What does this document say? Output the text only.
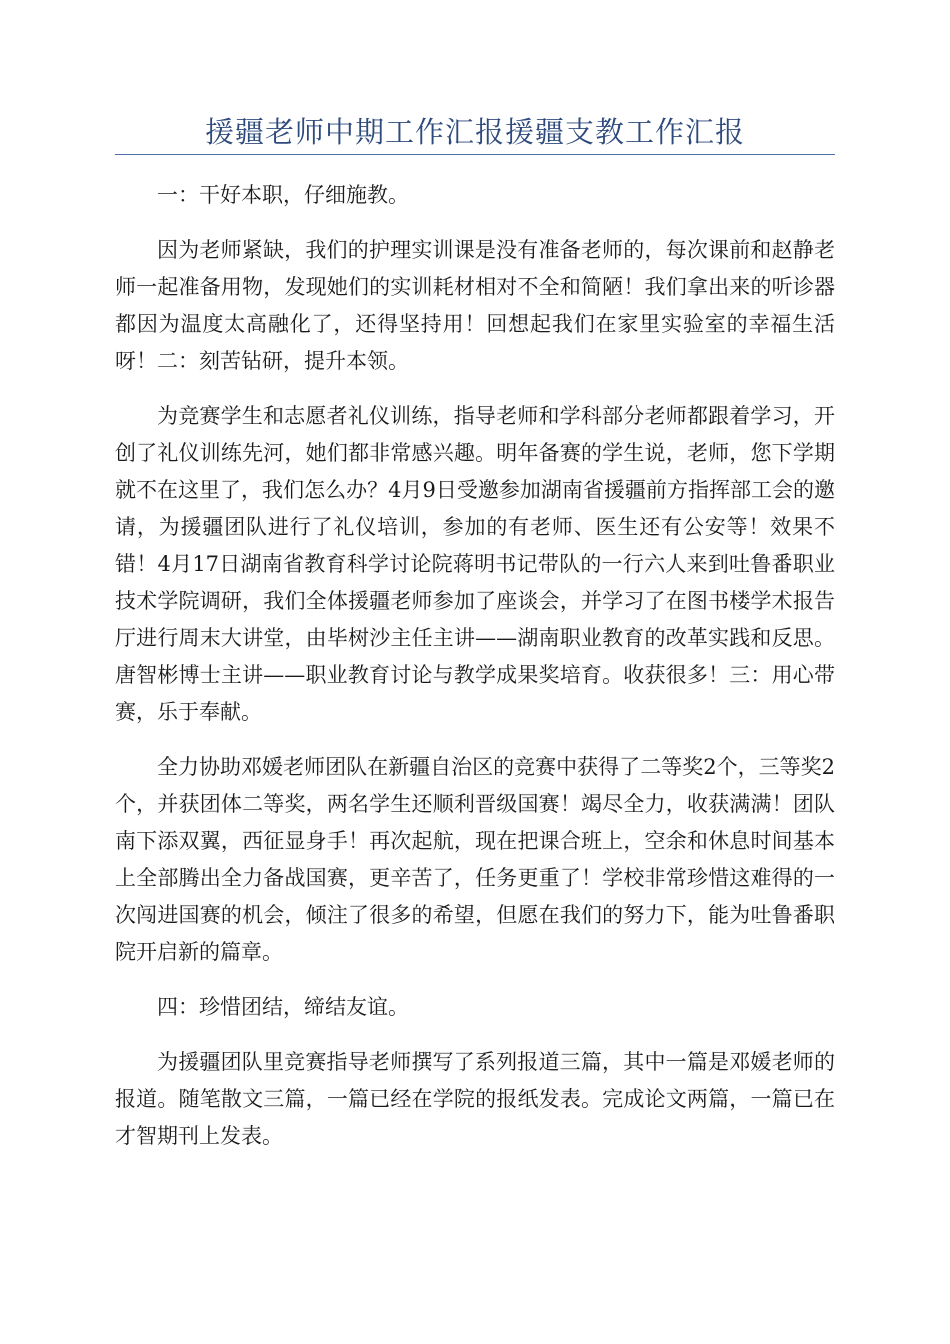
援疆老师中期工作汇报援疆支教工作汇报

一：干好本职，仔细施教。

因为老师紧缺，我们的护理实训课是没有准备老师的，每次课前和赵静老师一起准备用物，发现她们的实训耗材相对不全和简陋！我们拿出来的听诊器都因为温度太高融化了，还得坚持用！回想起我们在家里实验室的幸福生活呀！二：刻苦钻研，提升本领。

为竞赛学生和志愿者礼仪训练，指导老师和学科部分老师都跟着学习，开创了礼仪训练先河，她们都非常感兴趣。明年备赛的学生说，老师，您下学期就不在这里了，我们怎么办？4月9日受邀参加湖南省援疆前方指挥部工会的邀请，为援疆团队进行了礼仪培训，参加的有老师、医生还有公安等！效果不错！4月17日湖南省教育科学讨论院蒋明书记带队的一行六人来到吐鲁番职业技术学院调研，我们全体援疆老师参加了座谈会，并学习了在图书楼学术报告厅进行周末大讲堂，由毕树沙主任主讲——湖南职业教育的改革实践和反思。唐智彬博士主讲——职业教育讨论与教学成果奖培育。收获很多！三：用心带赛，乐于奉献。

全力协助邓媛老师团队在新疆自治区的竞赛中获得了二等奖2个，三等奖2个，并获团体二等奖，两名学生还顺利晋级国赛！竭尽全力，收获满满！团队南下添双翼，西征显身手！再次起航，现在把课合班上，空余和休息时间基本上全部腾出全力备战国赛，更辛苦了，任务更重了！学校非常珍惜这难得的一次闯进国赛的机会，倾注了很多的希望，但愿在我们的努力下，能为吐鲁番职院开启新的篇章。

四：珍惜团结，缔结友谊。

为援疆团队里竞赛指导老师撰写了系列报道三篇，其中一篇是邓媛老师的报道。随笔散文三篇，一篇已经在学院的报纸发表。完成论文两篇，一篇已在才智期刊上发表。
